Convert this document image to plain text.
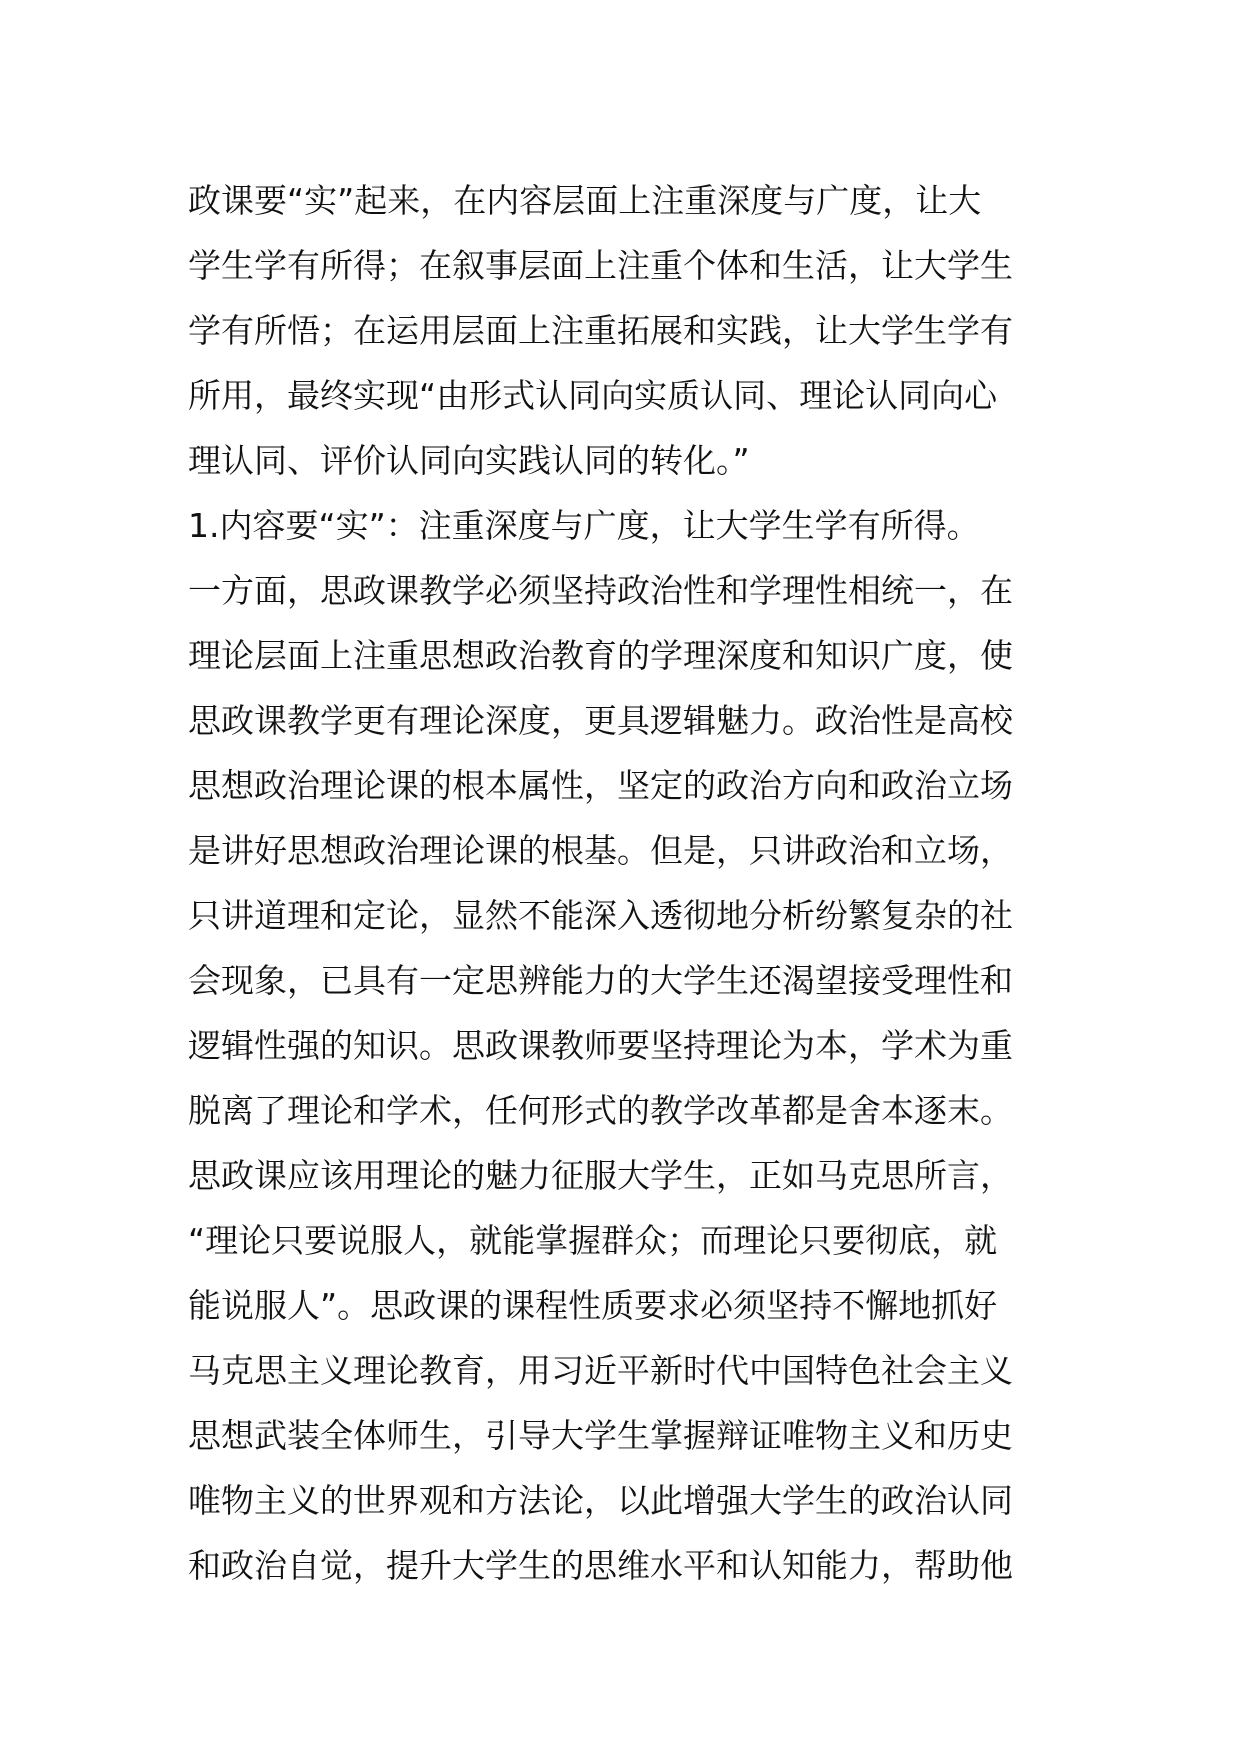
政课要“实”起来，在内容层面上注重深度与广度，让大
学生学有所得；在叙事层面上注重个体和生活，让大学生
学有所悟；在运用层面上注重拓展和实践，让大学生学有
所用，最终实现“由形式认同向实质认同、理论认同向心
理认同、评价认同向实践认同的转化。”
1.内容要“实”：注重深度与广度，让大学生学有所得。
一方面，思政课教学必须坚持政治性和学理性相统一，在
理论层面上注重思想政治教育的学理深度和知识广度，使
思政课教学更有理论深度，更具逻辑魅力。政治性是高校
思想政治理论课的根本属性，坚定的政治方向和政治立场
是讲好思想政治理论课的根基。但是，只讲政治和立场，
只讲道理和定论，显然不能深入透彻地分析纷繁复杂的社
会现象，已具有一定思辨能力的大学生还渴望接受理性和
逻辑性强的知识。思政课教师要坚持理论为本，学术为重
脱离了理论和学术，任何形式的教学改革都是舍本逐末。
思政课应该用理论的魅力征服大学生，正如马克思所言，
“理论只要说服人，就能掌握群众；而理论只要彻底，就
能说服人”。思政课的课程性质要求必须坚持不懈地抓好
马克思主义理论教育，用习近平新时代中国特色社会主义
思想武装全体师生，引导大学生掌握辩证唯物主义和历史
唯物主义的世界观和方法论，以此增强大学生的政治认同
和政治自觉，提升大学生的思维水平和认知能力，帮助他
